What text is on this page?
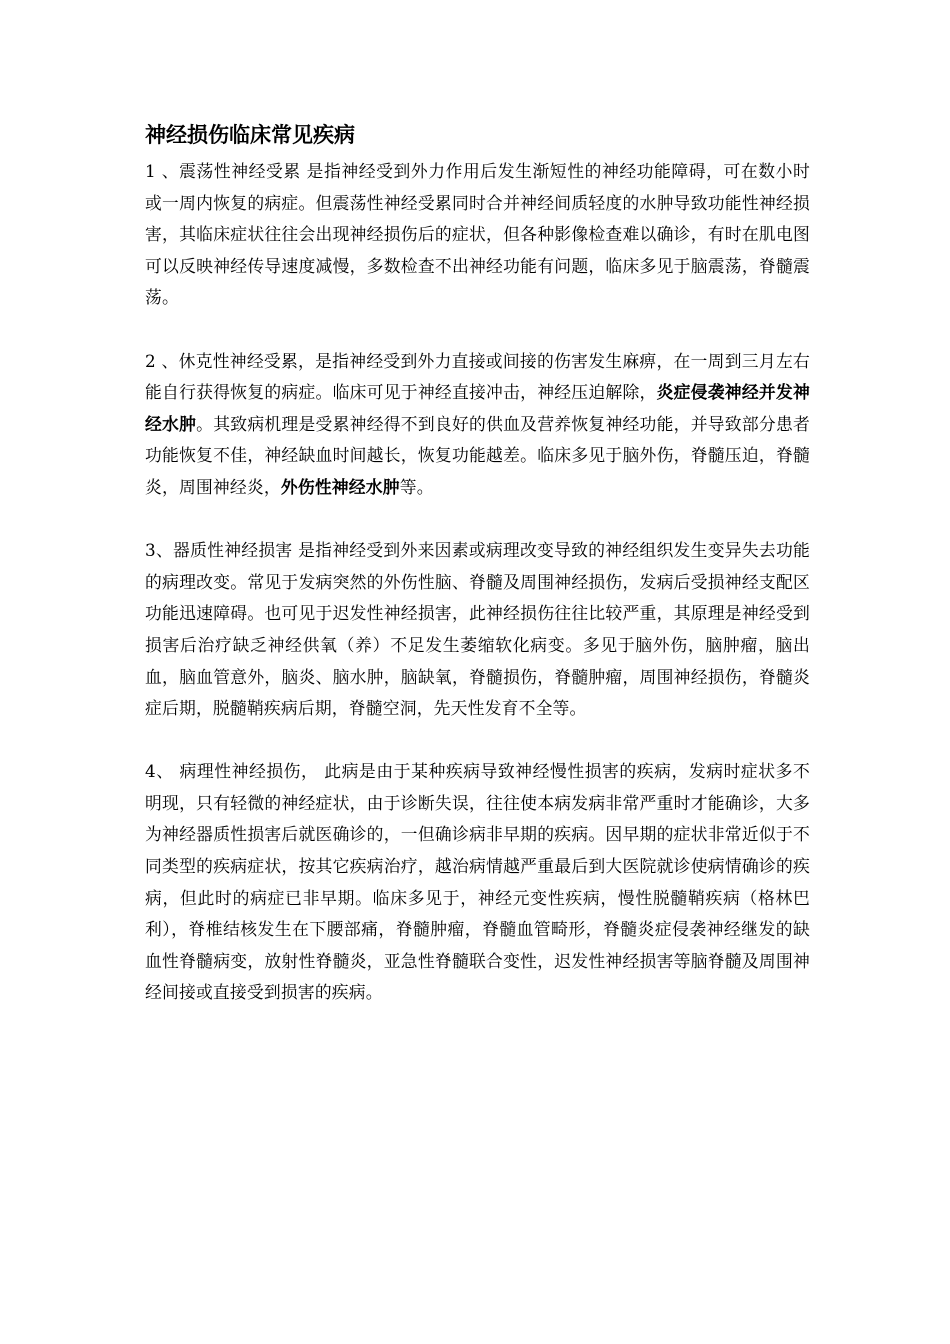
神经损伤临床常见疾病

1 、震荡性神经受累 是指神经受到外力作用后发生渐短性的神经功能障碍，可在数小时或一周内恢复的病症。但震荡性神经受累同时合并神经间质轻度的水肿导致功能性神经损害，其临床症状往往会出现神经损伤后的症状，但各种影像检查难以确诊，有时在肌电图可以反映神经传导速度减慢，多数检查不出神经功能有问题，临床多见于脑震荡，脊髓震荡。

2 、休克性神经受累，是指神经受到外力直接或间接的伤害发生麻痹，在一周到三月左右能自行获得恢复的病症。临床可见于神经直接冲击，神经压迫解除，炎症侵袭神经并发神经水肿。其致病机理是受累神经得不到良好的供血及营养恢复神经功能，并导致部分患者功能恢复不佳，神经缺血时间越长，恢复功能越差。临床多见于脑外伤，脊髓压迫，脊髓炎，周围神经炎，外伤性神经水肿等。

3、器质性神经损害 是指神经受到外来因素或病理改变导致的神经组织发生变异失去功能的病理改变。常见于发病突然的外伤性脑、脊髓及周围神经损伤，发病后受损神经支配区功能迅速障碍。也可见于迟发性神经损害，此神经损伤往往比较严重，其原理是神经受到损害后治疗缺乏神经供氧（养）不足发生萎缩软化病变。多见于脑外伤，脑肿瘤，脑出血，脑血管意外，脑炎、脑水肿，脑缺氧，脊髓损伤，脊髓肿瘤，周围神经损伤，脊髓炎症后期，脱髓鞘疾病后期，脊髓空洞，先天性发育不全等。

4、 病理性神经损伤， 此病是由于某种疾病导致神经慢性损害的疾病，发病时症状多不明现，只有轻微的神经症状，由于诊断失误，往往使本病发病非常严重时才能确诊，大多为神经器质性损害后就医确诊的，一但确诊病非早期的疾病。因早期的症状非常近似于不同类型的疾病症状，按其它疾病治疗，越治病情越严重最后到大医院就诊使病情确诊的疾病，但此时的病症已非早期。临床多见于，神经元变性疾病，慢性脱髓鞘疾病（格林巴利），脊椎结核发生在下腰部痛，脊髓肿瘤，脊髓血管畸形，脊髓炎症侵袭神经继发的缺血性脊髓病变，放射性脊髓炎，亚急性脊髓联合变性，迟发性神经损害等脑脊髓及周围神经间接或直接受到损害的疾病。
